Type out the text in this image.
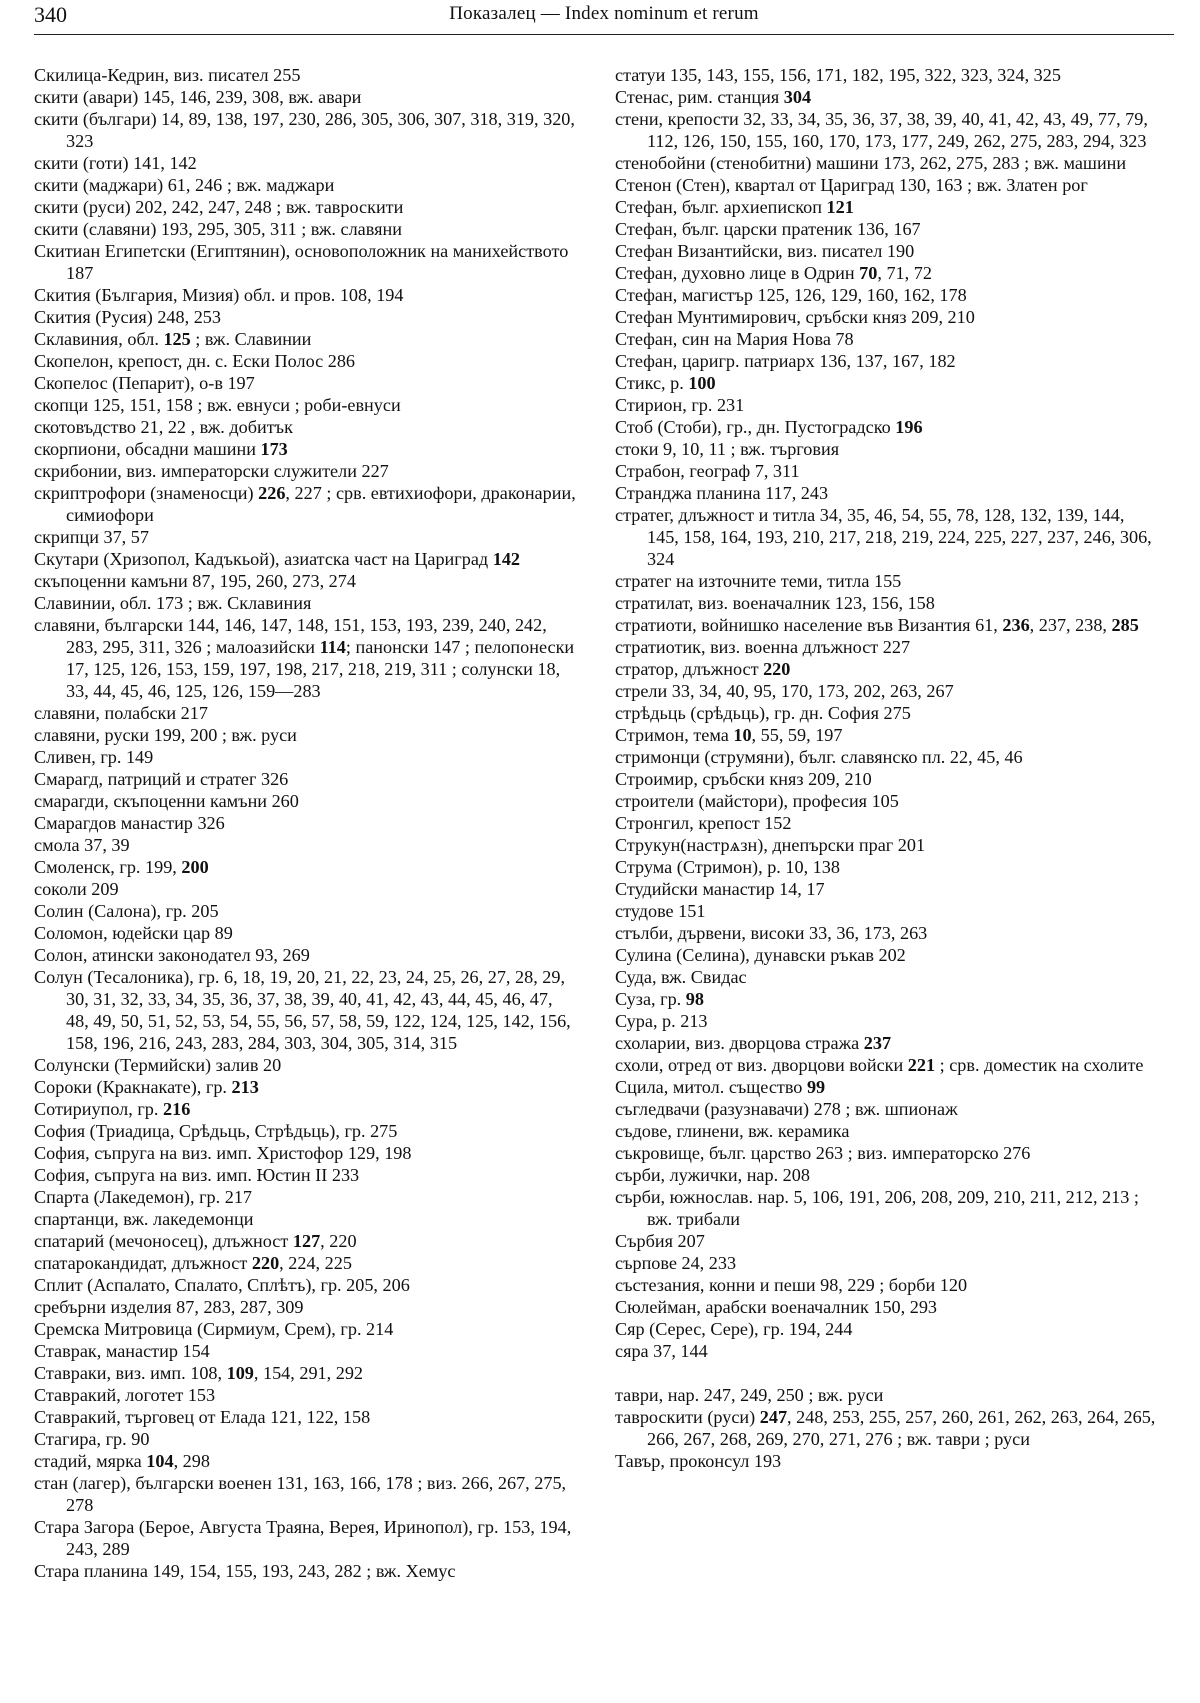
340	Показалец — Index nominum et rerum
Скилица-Кедрин, виз. писател 255
скити (авари) 145, 146, 239, 308, вж. авари
скити (българи) 14, 89, 138, 197, 230, 286, 305, 306, 307, 318, 319, 320, 323
скити (готи) 141, 142
скити (маджари) 61, 246 ; вж. маджари
скити (руси) 202, 242, 247, 248 ; вж. тавроскити
скити (славяни) 193, 295, 305, 311 ; вж. славяни
Скитиан Египетски (Египтянин), основоположник на манихейството 187
Скития (България, Мизия) обл. и пров. 108, 194
Скития (Русия) 248, 253
Склавиния, обл. 125 ; вж. Славинии
Скопелон, крепост, дн. с. Ески Полос 286
Скопелос (Пепарит), о-в 197
скопци 125, 151, 158 ; вж. евнуси ; роби-евнуси
скотовъдство 21, 22 , вж. добитък
скорпиони, обсадни машини 173
скрибонии, виз. императорски служители 227
скриптрофори (знаменосци) 226, 227 ; срв. евтихиофори, драконарии, симиофори
скрипци 37, 57
Скутари (Хризопол, Кадъкьой), азиатска част на Цариград 142
скъпоценни камъни 87, 195, 260, 273, 274
Славинии, обл. 173 ; вж. Склавиния
славяни, български 144, 146, 147, 148, 151, 153, 193, 239, 240, 242, 283, 295, 311, 326 ; малоазийски 114; панонски 147 ; пелопонески 17, 125, 126, 153, 159, 197, 198, 217, 218, 219, 311 ; солунски 18, 33, 44, 45, 46, 125, 126, 159—283
славяни, полабски 217
славяни, руски 199, 200 ; вж. руси
Сливен, гр. 149
Смарагд, патриций и стратег 326
смарагди, скъпоценни камъни 260
Смарагдов манастир 326
смола 37, 39
Смоленск, гр. 199, 200
соколи 209
Солин (Салона), гр. 205
Соломон, юдейски цар 89
Солон, атински законодател 93, 269
Солун (Тесалоника), гр. 6, 18, 19, 20, 21, 22, 23, 24, 25, 26, 27, 28, 29, 30, 31, 32, 33, 34, 35, 36, 37, 38, 39, 40, 41, 42, 43, 44, 45, 46, 47, 48, 49, 50, 51, 52, 53, 54, 55, 56, 57, 58, 59, 122, 124, 125, 142, 156, 158, 196, 216, 243, 283, 284, 303, 304, 305, 314, 315
Солунски (Термийски) залив 20
Сороки (Кракнакате), гр. 213
Сотириупол, гр. 216
София (Триадица, Срѣдьць, Стрѣдьць), гр. 275
София, съпруга на виз. имп. Христофор 129, 198
София, съпруга на виз. имп. Юстин II 233
Спарта (Лакедемон), гр. 217
спартанци, вж. лакедемонци
спатарий (мечоносец), длъжност 127, 220
спатарокандидат, длъжност 220, 224, 225
Сплит (Аспалато, Спалато, Сплѣтъ), гр. 205, 206
сребърни изделия 87, 283, 287, 309
Сремска Митровица (Сирмиум, Срем), гр. 214
Ставрак, манастир 154
Ставраки, виз. имп. 108, 109, 154, 291, 292
Ставракий, логотет 153
Ставракий, търговец от Елада 121, 122, 158
Стагира, гр. 90
стадий, мярка 104, 298
стан (лагер), български военен 131, 163, 166, 178 ; виз. 266, 267, 275, 278
Стара Загора (Берое, Августа Траяна, Верея, Иринопол), гр. 153, 194, 243, 289
Стара планина 149, 154, 155, 193, 243, 282 ; вж. Хемус
статуи 135, 143, 155, 156, 171, 182, 195, 322, 323, 324, 325
Стенас, рим. станция 304
стени, крепости 32, 33, 34, 35, 36, 37, 38, 39, 40, 41, 42, 43, 49, 77, 79, 112, 126, 150, 155, 160, 170, 173, 177, 249, 262, 275, 283, 294, 323
стенобойни (стенобитни) машини 173, 262, 275, 283 ; вж. машини
Стенон (Стен), квартал от Цариград 130, 163 ; вж. Златен рог
Стефан, бълг. архиепископ 121
Стефан, бълг. царски пратеник 136, 167
Стефан Византийски, виз. писател 190
Стефан, духовно лице в Одрин 70, 71, 72
Стефан, магистър 125, 126, 129, 160, 162, 178
Стефан Мунтимирович, сръбски княз 209, 210
Стефан, син на Мария Нова 78
Стефан, царигр. патриарх 136, 137, 167, 182
Стикс, р. 100
Стирион, гр. 231
Стоб (Стоби), гр., дн. Пустоградско 196
стоки 9, 10, 11 ; вж. търговия
Страбон, географ 7, 311
Странджа планина 117, 243
стратег, длъжност и титла 34, 35, 46, 54, 55, 78, 128, 132, 139, 144, 145, 158, 164, 193, 210, 217, 218, 219, 224, 225, 227, 237, 246, 306, 324
стратег на източните теми, титла 155
стратилат, виз. военачалник 123, 156, 158
стратиоти, войнишко население във Византия 61, 236, 237, 238, 285
стратиотик, виз. военна длъжност 227
стратор, длъжност 220
стрели 33, 34, 40, 95, 170, 173, 202, 263, 267
стрѣдьць (срѣдьць), гр. дн. София 275
Стримон, тема 10, 55, 59, 197
стримонци (струмяни), бълг. славянско пл. 22, 45, 46
Строимир, сръбски княз 209, 210
строители (майстори), професия 105
Стронгил, крепост 152
Струкун(настрѧзн), днепърски праг 201
Струма (Стримон), р. 10, 138
Студийски манастир 14, 17
студове 151
стълби, дървени, високи 33, 36, 173, 263
Сулина (Селина), дунавски ръкав 202
Суда, вж. Свидас
Суза, гр. 98
Сура, р. 213
схоларии, виз. дворцова стража 237
схоли, отред от виз. дворцови войски 221 ; срв. доместик на схолите
Сцила, митол. същество 99
съгледвачи (разузнавачи) 278 ; вж. шпионаж
съдове, глинени, вж. керамика
съкровище, бълг. царство 263 ; виз. императорско 276
сърби, лужички, нар. 208
сърби, южнослав. нар. 5, 106, 191, 206, 208, 209, 210, 211, 212, 213 ; вж. трибали
Сърбия 207
сърпове 24, 233
състезания, конни и пеши 98, 229 ; борби 120
Сюлейман, арабски военачалник 150, 293
Сяр (Серес, Сере), гр. 194, 244
сяра 37, 144
таври, нар. 247, 249, 250 ; вж. руси
тавроскити (руси) 247, 248, 253, 255, 257, 260, 261, 262, 263, 264, 265, 266, 267, 268, 269, 270, 271, 276 ; вж. таври ; руси
Тавър, проконсул 193
